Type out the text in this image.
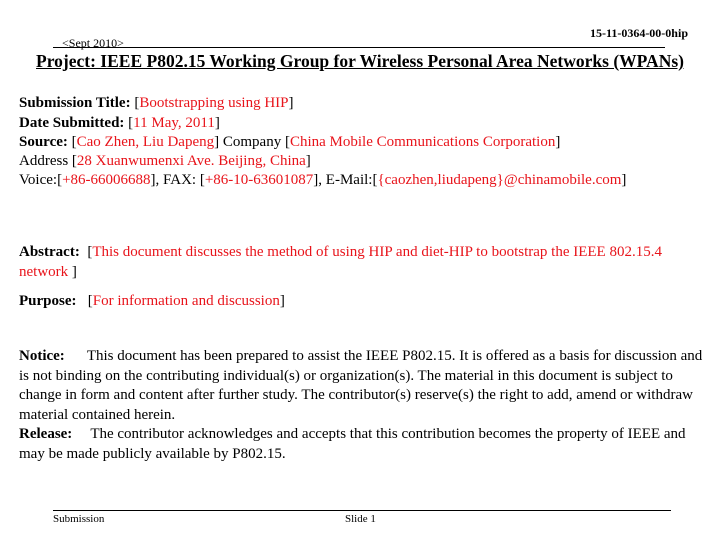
15-11-0364-00-0hip
<Sept 2010>
Project: IEEE P802.15 Working Group for Wireless Personal Area Networks (WPANs)
Submission Title: [Bootstrapping using HIP]
Date Submitted: [11 May, 2011]
Source: [Cao Zhen, Liu Dapeng] Company [China Mobile Communications Corporation]
Address [28 Xuanwumenxi Ave. Beijing, China]
Voice:[+86-66006688], FAX: [+86-10-63601087], E-Mail:[{caozhen,liudapeng}@chinamobile.com]
Abstract:  [This document discusses the method of using HIP and diet-HIP to bootstrap the IEEE 802.15.4 network ]
Purpose:   [For information and discussion]
Notice: This document has been prepared to assist the IEEE P802.15. It is offered as a basis for discussion and is not binding on the contributing individual(s) or organization(s). The material in this document is subject to change in form and content after further study. The contributor(s) reserve(s) the right to add, amend or withdraw material contained herein.
Release: The contributor acknowledges and accepts that this contribution becomes the property of IEEE and may be made publicly available by P802.15.
Submission	Slide 1
